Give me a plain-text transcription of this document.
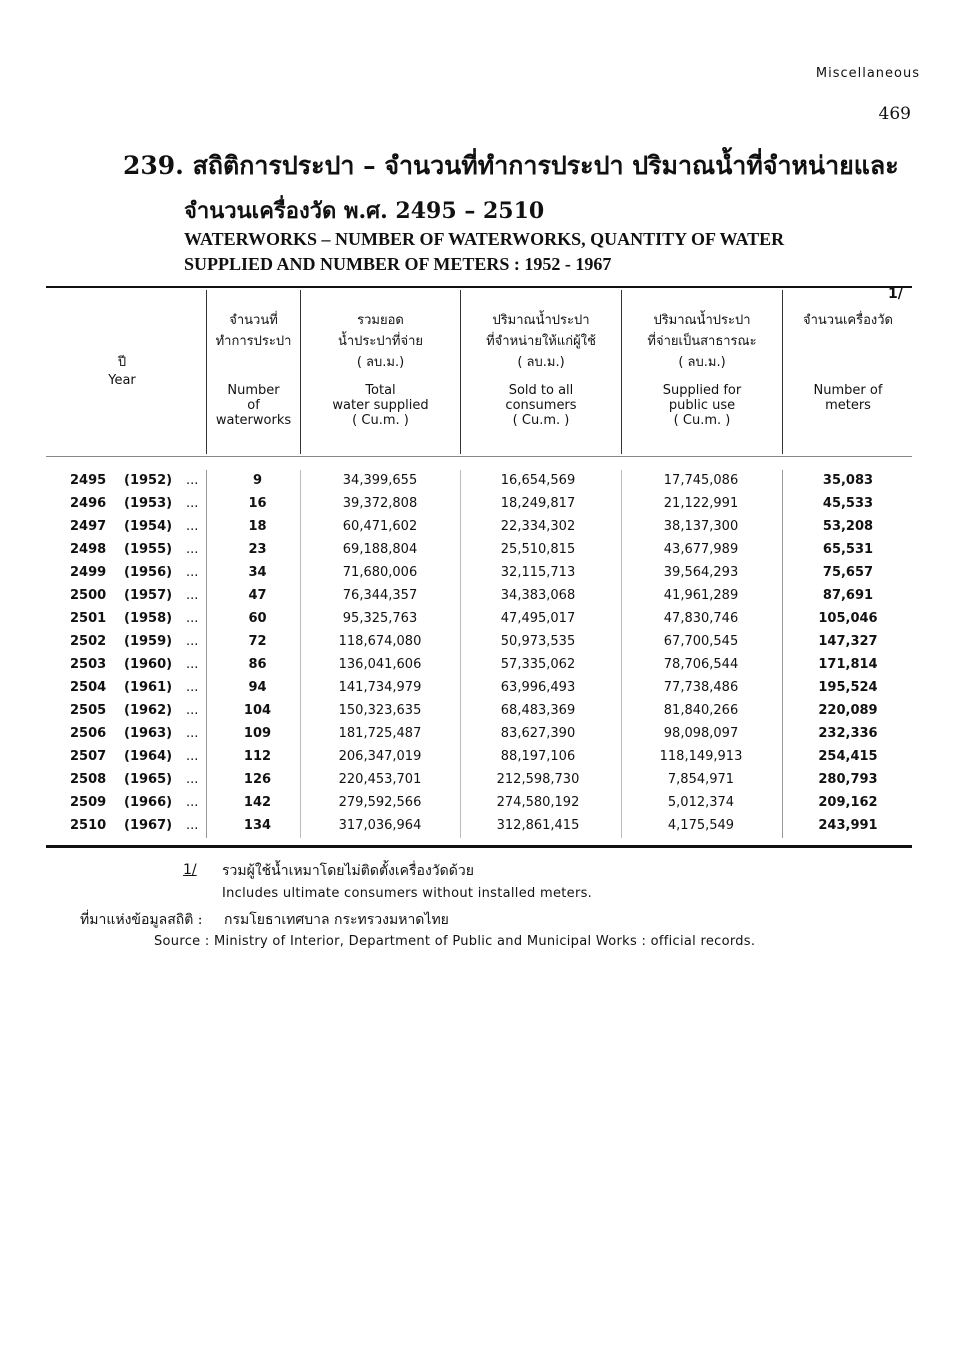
Miscellaneous
469
239. สถิติการประปา – จำนวนที่ทำการประปา ปริมาณน้ำที่จำหน่ายและ
จำนวนเครื่องวัด พ.ศ. 2495 – 2510
WATERWORKS – NUMBER OF WATERWORKS, QUANTITY OF WATER
SUPPLIED AND NUMBER OF METERS : 1952 - 1967
ปี
Year
จำนวนที่
ทำการประปา
Number
of
waterworks
รวมยอด
น้ำประปาที่จ่าย
( ลบ.ม.)
Total
water supplied
( Cu.m. )
ปริมาณน้ำประปา
ที่จำหน่ายให้แก่ผู้ใช้
( ลบ.ม.)
Sold to all
consumers
( Cu.m. )
ปริมาณน้ำประปา
ที่จ่ายเป็นสาธารณะ
( ลบ.ม.)
Supplied for
public use
( Cu.m. )
1/
จำนวนเครื่องวัด
Number of
meters
2495 (1952) ...	9	34,399,655	16,654,569	17,745,086	35,083
2496 (1953) ...	16	39,372,808	18,249,817	21,122,991	45,533
2497 (1954) ...	18	60,471,602	22,334,302	38,137,300	53,208
2498 (1955) ...	23	69,188,804	25,510,815	43,677,989	65,531
2499 (1956) ...	34	71,680,006	32,115,713	39,564,293	75,657
2500 (1957) ...	47	76,344,357	34,383,068	41,961,289	87,691
2501 (1958) ...	60	95,325,763	47,495,017	47,830,746	105,046
2502 (1959) ...	72	118,674,080	50,973,535	67,700,545	147,327
2503 (1960) ...	86	136,041,606	57,335,062	78,706,544	171,814
2504 (1961) ...	94	141,734,979	63,996,493	77,738,486	195,524
2505 (1962) ...	104	150,323,635	68,483,369	81,840,266	220,089
2506 (1963) ...	109	181,725,487	83,627,390	98,098,097	232,336
2507 (1964) ...	112	206,347,019	88,197,106	118,149,913	254,415
2508 (1965) ...	126	220,453,701	212,598,730	7,854,971	280,793
2509 (1966) ...	142	279,592,566	274,580,192	5,012,374	209,162
2510 (1967) ...	134	317,036,964	312,861,415	4,175,549	243,991
1/ รวมผู้ใช้น้ำเหมาโดยไม่ติดตั้งเครื่องวัดด้วย
Includes ultimate consumers without installed meters.
ที่มาแห่งข้อมูลสถิติ : กรมโยธาเทศบาล กระทรวงมหาดไทย
Source : Ministry of Interior, Department of Public and Municipal Works : official records.
